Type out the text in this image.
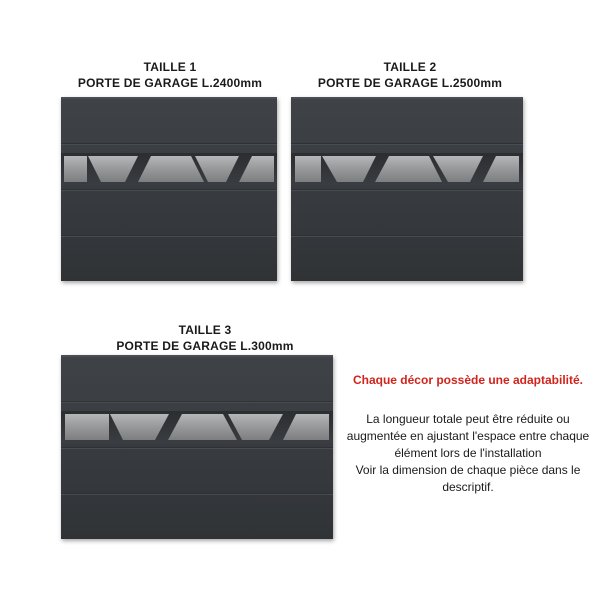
TAILLE 1
PORTE DE GARAGE L.2400mm
TAILLE 2
PORTE DE GARAGE L.2500mm
TAILLE 3
PORTE DE GARAGE L.300mm
Chaque décor possède une adaptabilité.
La longueur totale peut être réduite ou augmentée en ajustant l'espace entre chaque élément lors de l'installation
Voir la dimension de chaque pièce dans le descriptif.
